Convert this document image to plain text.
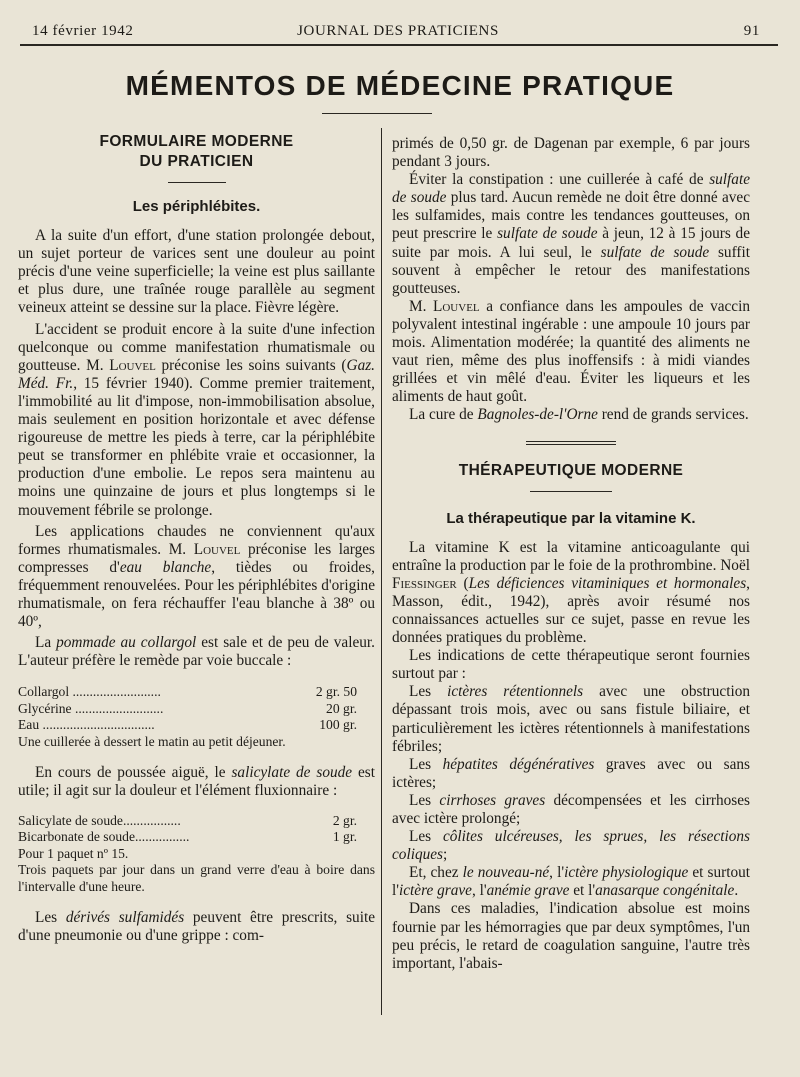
14 février 1942	JOURNAL DES PRATICIENS	91
MÉMENTOS DE MÉDECINE PRATIQUE
FORMULAIRE MODERNE
DU PRATICIEN
Les périphlébites.

A la suite d'un effort, d'une station prolongée debout, un sujet porteur de varices sent une douleur au point précis d'une veine superficielle; la veine est plus saillante et plus dure, une traînée rouge parallèle au segment veineux atteint se dessine sur la place. Fièvre légère.

L'accident se produit encore à la suite d'une infection quelconque ou comme manifestation rhumatismale ou goutteuse. M. Louvel préconise les soins suivants (Gaz. Méd. Fr., 15 février 1940). Comme premier traitement, l'immobilité au lit d'impose, non-immobilisation absolue, mais seulement en position horizontale et avec défense rigoureuse de mettre les pieds à terre, car la périphlébite peut se transformer en phlébite vraie et occasionner, la production d'une embolie. Le repos sera maintenu au moins une quinzaine de jours et plus longtemps si le mouvement fébrile se prolonge.

Les applications chaudes ne conviennent qu'aux formes rhumatismales. M. Louvel préconise les larges compresses d'eau blanche, tièdes ou froides, fréquemment renouvelées. Pour les périphlébites d'origine rhumatismale, on fera réchauffer l'eau blanche à 38º ou 40º,

La pommade au collargol est sale et de peu de valeur. L'auteur préfère le remède par voie buccale :

Collargol ..........................	2 gr. 50
Glycérine ..........................	20 gr.
Eau .................................	100 gr.
Une cuillerée à dessert le matin au petit déjeuner.

En cours de poussée aiguë, le salicylate de soude est utile; il agit sur la douleur et l'élément fluxionnaire :

Salicylate de soude.................	2 gr.
Bicarbonate de soude................	1 gr.
Pour 1 paquet nº 15.
Trois paquets par jour dans un grand verre d'eau à boire dans l'intervalle d'une heure.

Les dérivés sulfamidés peuvent être prescrits, suite d'une pneumonie ou d'une grippe : com-

primés de 0,50 gr. de Dagenan par exemple, 6 par jours pendant 3 jours.

Éviter la constipation : une cuillerée à café de sulfate de soude plus tard. Aucun remède ne doit être donné avec les sulfamides, mais contre les tendances goutteuses, on peut prescrire le sulfate de soude à jeun, 12 à 15 jours de suite par mois. A lui seul, le sulfate de soude suffit souvent à empêcher le retour des manifestations goutteuses.

M. Louvel a confiance dans les ampoules de vaccin polyvalent intestinal ingérable : une ampoule 10 jours par mois. Alimentation modérée; la quantité des aliments ne vaut rien, même des plus inoffensifs : à midi viandes grillées et vin mêlé d'eau. Éviter les liqueurs et les aliments de haut goût.

La cure de Bagnoles-de-l'Orne rend de grands services.

THÉRAPEUTIQUE MODERNE
La thérapeutique par la vitamine K.

La vitamine K est la vitamine anticoagulante qui entraîne la production par le foie de la prothrombine. Noël Fiessinger (Les déficiences vitaminiques et hormonales, Masson, édit., 1942), après avoir résumé nos connaissances actuelles sur ce sujet, passe en revue les données pratiques du problème.

Les indications de cette thérapeutique seront fournies surtout par :

Les ictères rétentionnels avec une obstruction dépassant trois mois, avec ou sans fistule biliaire, et particulièrement les ictères rétentionnels à manifestations fébriles;

Les hépatites dégénératives graves avec ou sans ictères;

Les cirrhoses graves décompensées et les cirrhoses avec ictère prolongé;

Les côlites ulcéreuses, les sprues, les résections coliques;

Et, chez le nouveau-né, l'ictère physiologique et surtout l'ictère grave, l'anémie grave et l'anasarque congénitale.

Dans ces maladies, l'indication absolue est moins fournie par les hémorragies que par deux symptômes, l'un peu précis, le retard de coagulation sanguine, l'autre très important, l'abais-
